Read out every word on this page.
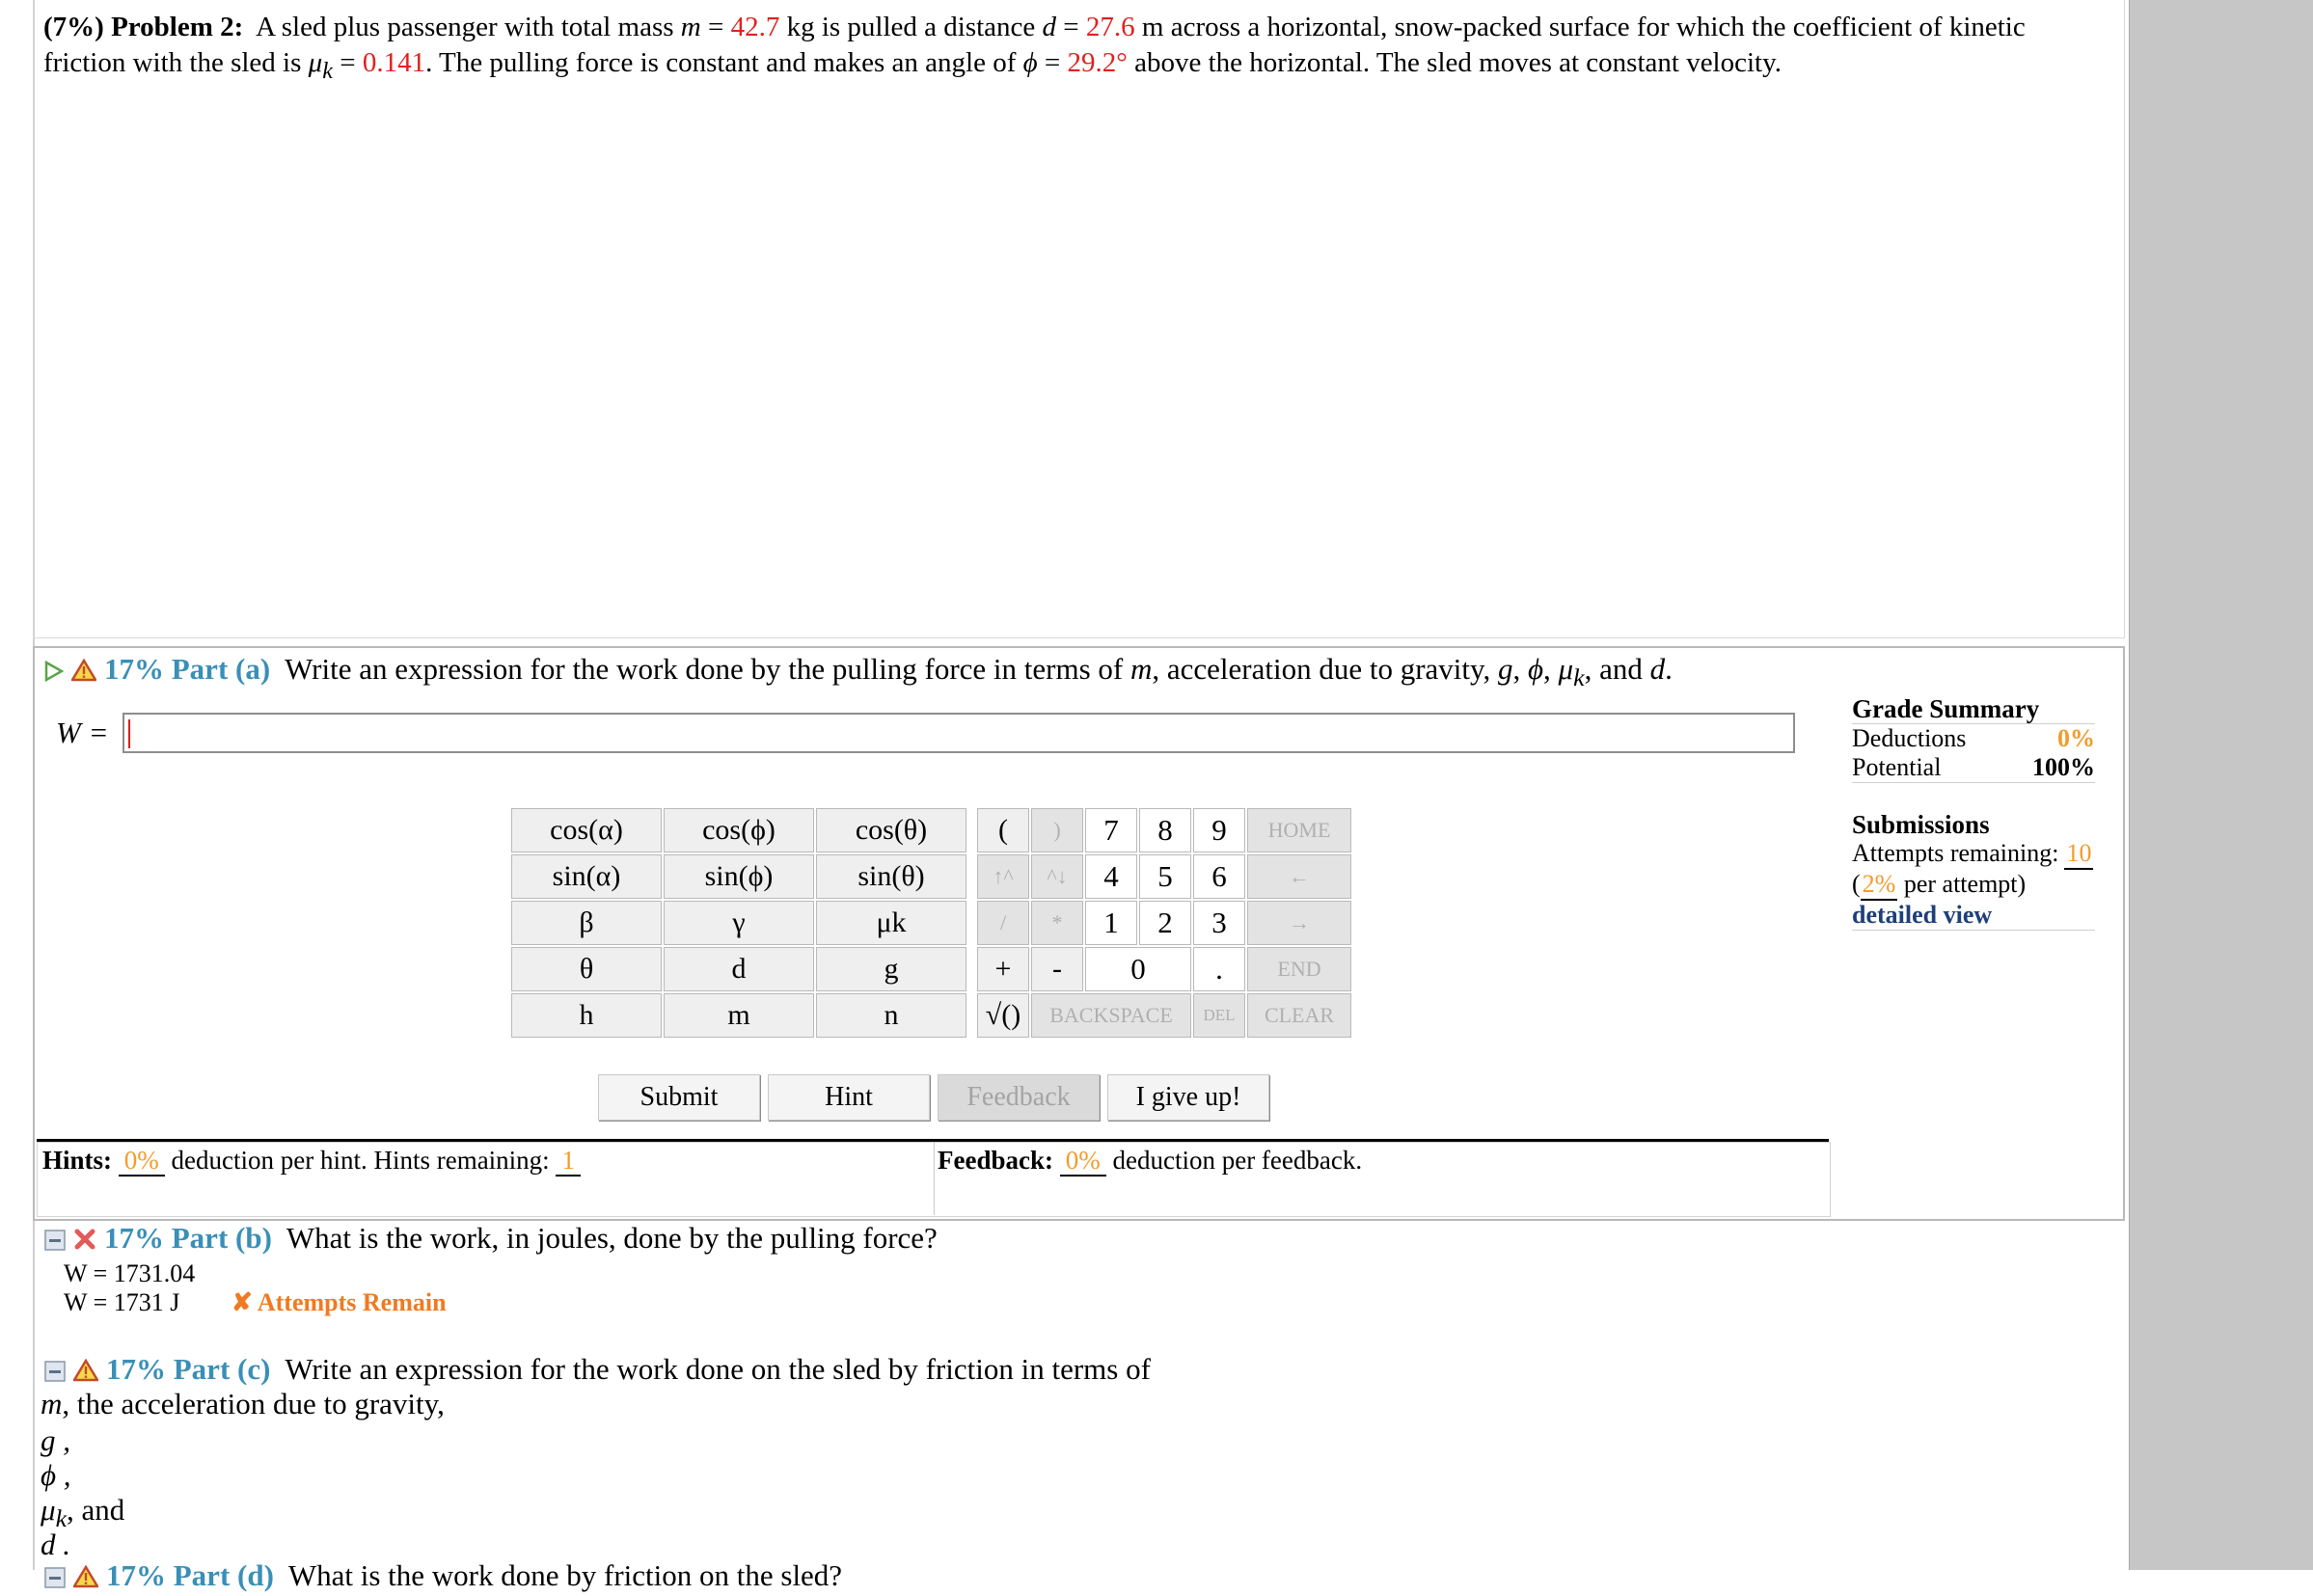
(7%) Problem 2: A sled plus passenger with total mass m = 42.7 kg is pulled a distance d = 27.6 m across a horizontal, snow-packed surface for which the coefficient of kinetic friction with the sled is $\mu_k = 0.141$. The pulling force is constant and makes an angle of ϕ = 29.2° above the horizontal. The sled moves at constant velocity.
17% Part (a) Write an expression for the work done by the pulling force in terms of m, acceleration due to gravity, g, ϕ, $\mu_k$, and d.
W =
cos(α)	cos(ϕ)	cos(θ)
sin(α)	sin(ϕ)	sin(θ)
β	γ	μk
θ	d	g
h	m	n
(	)	7	8	9	HOME
↑^	^↓	4	5	6	←
/	*	1	2	3	→
+	-	0		.	END
√()	BACKSPACE			DEL	CLEAR
Submit	Hint	Feedback	I give up!
Hints: 0% deduction per hint. Hints remaining: 1	Feedback: 0% deduction per feedback.
Grade Summary
Deductions	0%
Potential	100%
Submissions
Attempts remaining: 10
( 2%
per attempt)
detailed view
17% Part (b) What is the work, in joules, done by the pulling force?
W = 1731.04
W = 1731 J ✘ Attempts Remain
17% Part (c) Write an expression for the work done on the sled by friction in terms of
m, the acceleration due to gravity,
g ,
ϕ ,
$\mu_k$, and
d .
17% Part (d) What is the work done by friction on the sled?
